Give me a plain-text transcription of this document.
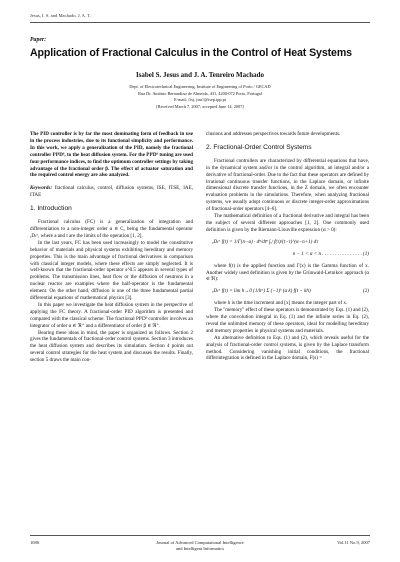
Jesus, I. S. and Machado, J. A. T.
Paper:
Application of Fractional Calculus in the Control of Heat Systems
Isabel S. Jesus and J. A. Tenreiro Machado
Dept. of Electrotechnical Engineering, Institute of Engineering of Porto / GECAD
Rua Dr. António Bernardino de Almeida, 431, 4200-072 Porto, Portugal
E-mail: {isj, jtm}@isep.ipp.pt
[Received March 7, 2007; accepted June 14, 2007]
The PID controller is by far the most dominating form of feedback in use in the process industries, due to its functional simplicity and performance. In this work, we apply a generalization of the PID, namely the fractional controller PIᵝDᵟ, to the heat diffusion system. For the PIᵝDᵟ tuning are used four performance indices, to find the optimum controller settings by taking advantage of the fractional order β. The effect of actuator saturation and the required control energy are also analyzed.
Keywords: fractional calculus, control, diffusion systems, ISE, ITSE, IAE, ITAE
1. Introduction

Fractional calculus (FC) is a generalization of integration and differentiation to a non-integer order α ∈ C, being the fundamental operator ₐDₜᵅ, where a and t are the limits of the operation [1, 2].

In the last years, FC has been used increasingly to model the constitutive behavior of materials and physical systems exhibiting hereditary and memory properties. This is the main advantage of fractional derivatives in comparison with classical integer models, where these effects are simply neglected. It is well-known that the fractional-order operator s^0.5 appears in several types of problems. The transmission lines, heat flow or the diffusion of neutrons in a nuclear reactor are examples where the half-operator is the fundamental element. On the other hand, diffusion is one of the three fundamental partial differential equations of mathematical physics [3].

In this paper we investigate the heat diffusion system in the perspective of applying the FC theory. A fractional-order PID algorithm is presented and compared with the classical scheme. The fractional PIᵝDᵟ controller involves an integrator of order α ∈ ℜ⁺ and a differentiator of order β ∈ ℜ⁺.

Bearing these ideas in mind, the paper is organized as follows. Section 2 gives the fundamentals of fractional-order control systems. Section 3 introduces the heat diffusion system and describes its simulation. Section 4 points out several control strategies for the heat system and discusses the results. Finally, section 5 draws the main con-

clusions and addresses perspectives towards future developments.
2. Fractional-Order Control Systems

Fractional controllers are characterized by differential equations that have, in the dynamical system and/or in the control algorithm, an integral and/or a derivative of fractional-order. Due to the fact that these operators are defined by irrational continuous transfer functions, in the Laplace domain, or infinite dimensional discrete transfer functions, in the Z domain, we often encounter evaluation problems in the simulations. Therefore, when analyzing fractional systems, we usually adopt continuous or discrete integer-order approximations of fractional-order operators [4–6].

The mathematical definition of a fractional derivative and integral has been the subject of several different approaches [1, 2]. One commonly used definition is given by the Riemann-Liouville expression (α > 0):

ₐDₜᵅ f(t) = 1/Γ(n−α) · dⁿ/dtⁿ ∫ₐᵗ f(τ)/(t−τ)^(α−n+1) dτ
n − 1 < α < n . . . . . . . . . . . . . . . . (1)

where f(t) is the applied function and Γ(x) is the Gamma function of x. Another widely used definition is given by the Grünwald-Letnikov approach (α ∈ ℜ):

ₐDₜᵅ f(t) = lim h→0 (1/hᵅ) Σ (−1)ᵏ (α k) f(t − kh)	(2)

where h is the time increment and [x] means the integer part of x.

The "memory" effect of these operators is demonstrated by Eqs. (1) and (2), where the convolution integral in Eq. (1) and the infinite series in Eq. (2), reveal the unlimited memory of these operators, ideal for modelling hereditary and memory properties in physical systems and materials.

An alternative definition to Eqs. (1) and (2), which reveals useful for the analysis of fractional-order control systems, is given by the Laplace transform method. Considering vanishing initial conditions, the fractional differintegration is defined in the Laplace domain, F(s) =

1086	Journal of Advanced Computational Intelligence
and Intelligent Informatics
Vol.11 No.9, 2007
